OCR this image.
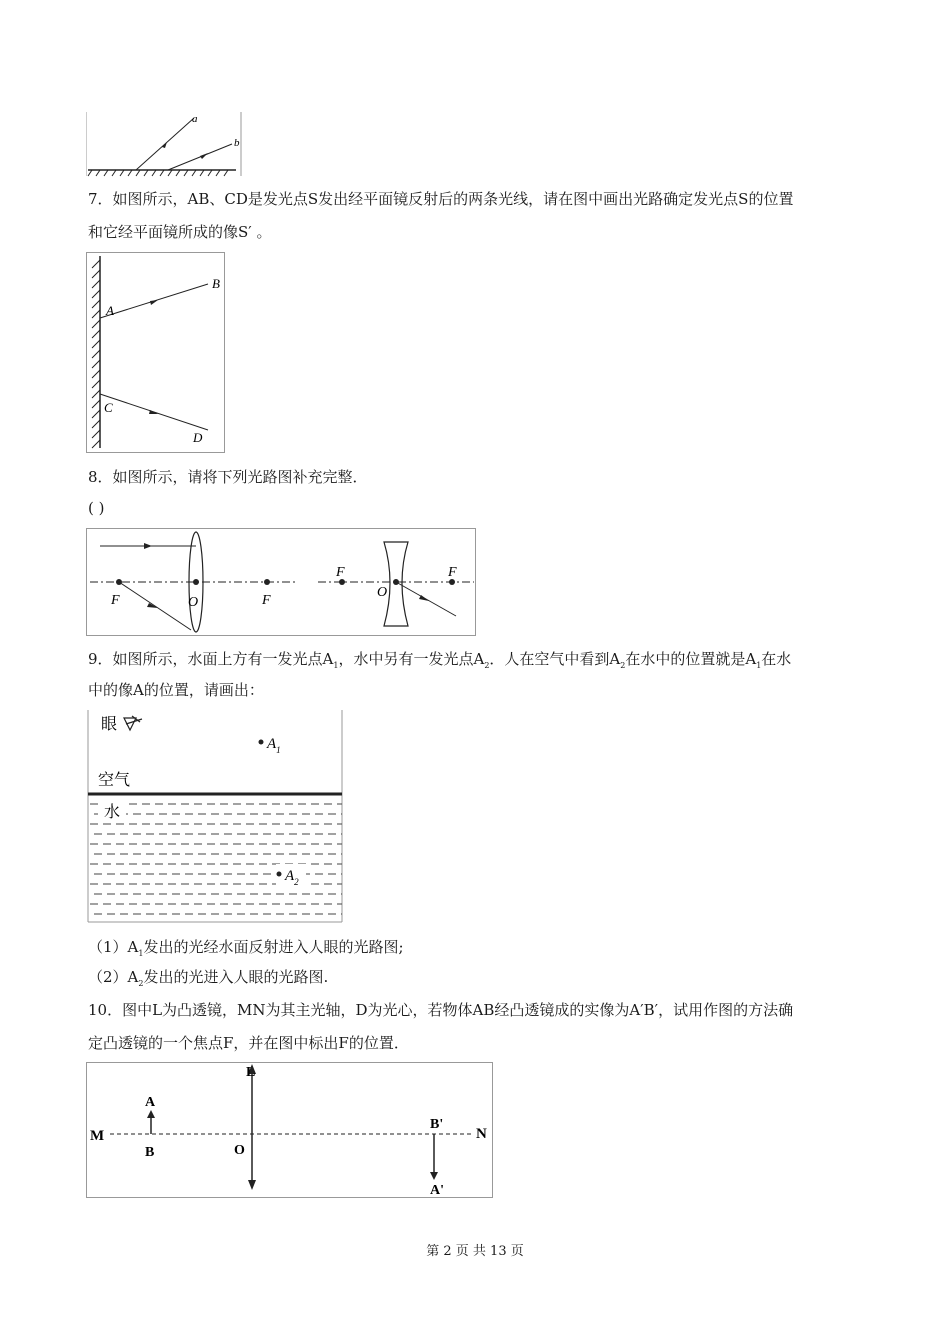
a
b
7．如图所示，AB、CD是发光点S发出经平面镜反射后的两条光线，请在图中画出光路确定发光点S的位置
和它经平面镜所成的像S′ 。
A
B
C
D
8．如图所示，请将下列光路图补充完整．
( )
F	O	F
F
O
F
9．如图所示，水面上方有一发光点$A_1$，水中另有一发光点$A_2$．人在空气中看到$A_2$在水中的位置就是$A_1$在水
中的像A的位置，请画出：
眼
$A_1$
空气
水
$A_2$
$(1)A_1$发出的光经水面反射进入人眼的光路图;
$(2)A_2$发出的光进入人眼的光路图.
10．图中L为凸透镜，MN为其主光轴，D为光心，若物体AB经凸透镜成的实像为A′B′，试用作图的方法确
定凸透镜的一个焦点F，并在图中标出F的位置．
M	N
L
O
A
B
B'
A'
第 2 页 共 13 页
